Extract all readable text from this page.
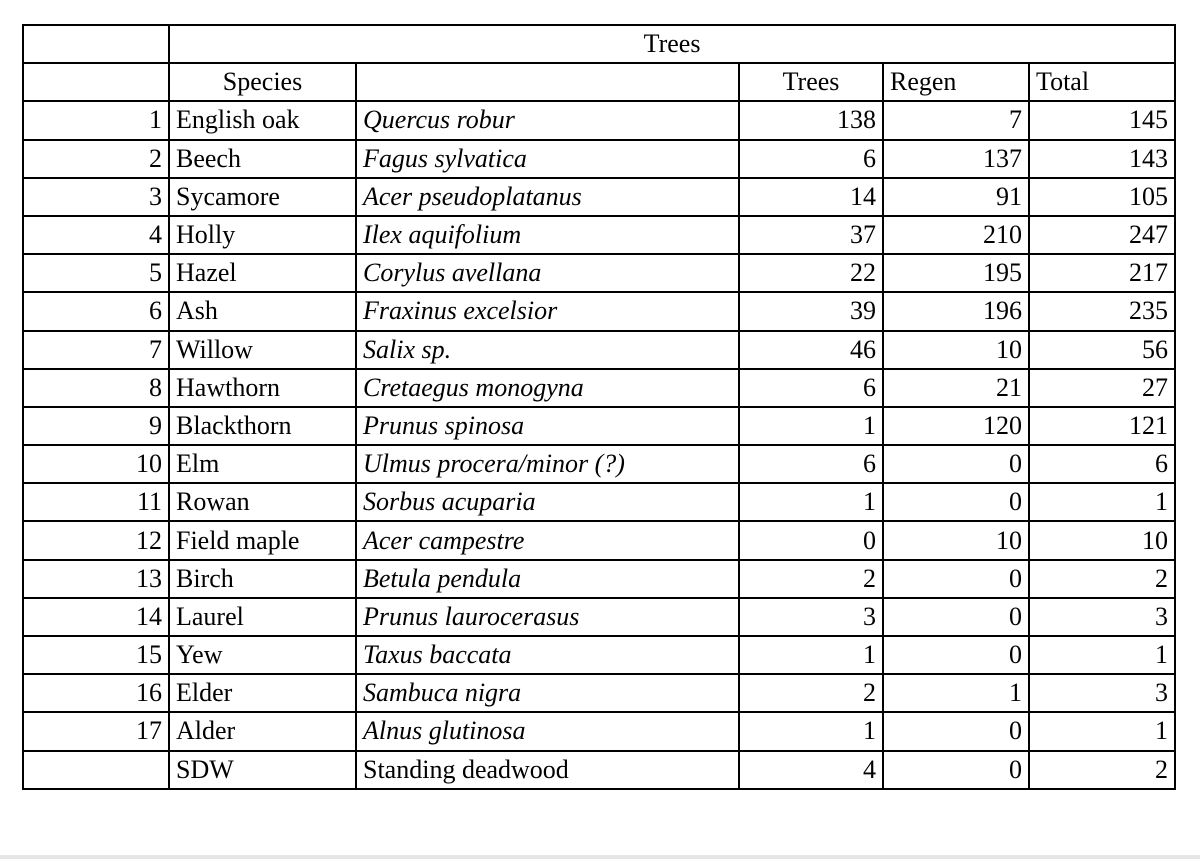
	Trees				
	Species		Trees	Regen	Total
1	English oak	Quercus robur	138	7	145
2	Beech	Fagus sylvatica	6	137	143
3	Sycamore	Acer pseudoplatanus	14	91	105
4	Holly	Ilex aquifolium	37	210	247
5	Hazel	Corylus avellana	22	195	217
6	Ash	Fraxinus excelsior	39	196	235
7	Willow	Salix sp.	46	10	56
8	Hawthorn	Cretaegus monogyna	6	21	27
9	Blackthorn	Prunus spinosa	1	120	121
10	Elm	Ulmus procera/minor (?)	6	0	6
11	Rowan	Sorbus acuparia	1	0	1
12	Field maple	Acer campestre	0	10	10
13	Birch	Betula pendula	2	0	2
14	Laurel	Prunus laurocerasus	3	0	3
15	Yew	Taxus baccata	1	0	1
16	Elder	Sambuca nigra	2	1	3
17	Alder	Alnus glutinosa	1	0	1
	SDW	Standing deadwood	4	0	2
